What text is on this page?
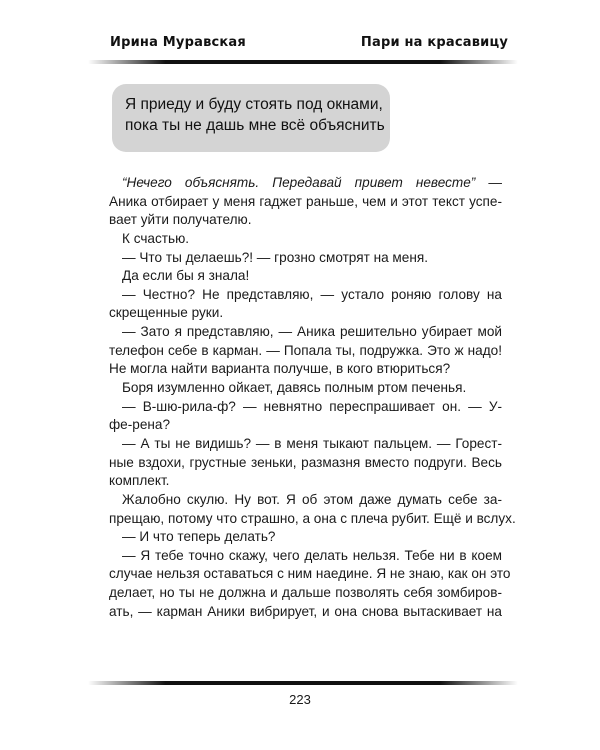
Ирина Муравская	Пари на красавицу
Я приеду и буду стоять под окнами,
пока ты не дашь мне всё объяснить
“Нечего объяснять. Передавай привет невесте” —
Аника отбирает у меня гаджет раньше, чем и этот текст успе-
вает уйти получателю.
К счастью.
— Что ты делаешь?! — грозно смотрят на меня.
Да если бы я знала!
— Честно? Не представляю, — устало роняю голову на
скрещенные руки.
— Зато я представляю, — Аника решительно убирает мой
телефон себе в карман. — Попала ты, подружка. Это ж надо!
Не могла найти варианта получше, в кого втюриться?
Боря изумленно ойкает, давясь полным ртом печенья.
— В-шю-рила-ф? — невнятно переспрашивает он. — У-
фе-рена?
— А ты не видишь? — в меня тыкают пальцем. — Горест-
ные вздохи, грустные зеньки, размазня вместо подруги. Весь
комплект.
Жалобно скулю. Ну вот. Я об этом даже думать себе за-
прещаю, потому что страшно, а она с плеча рубит. Ещё и вслух.
— И что теперь делать?
— Я тебе точно скажу, чего делать нельзя. Тебе ни в коем
случае нельзя оставаться с ним наедине. Я не знаю, как он это
делает, но ты не должна и дальше позволять себя зомбиров-
ать, — карман Аники вибрирует, и она снова вытаскивает на
223
